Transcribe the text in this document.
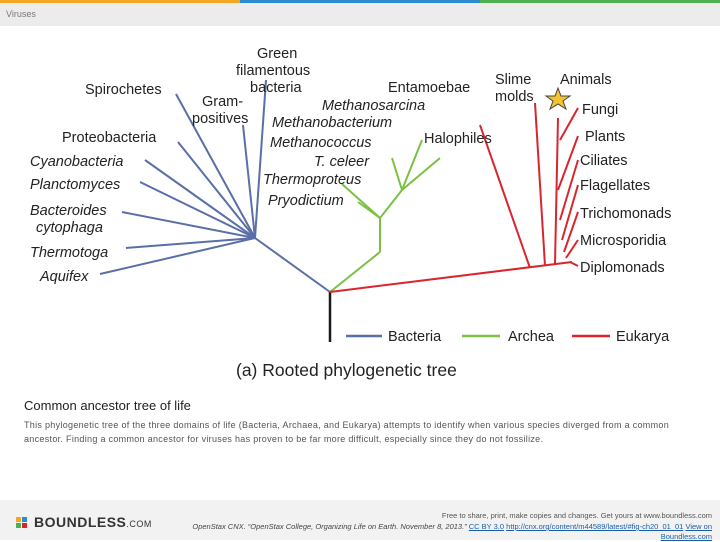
Viruses
Spirochetes
Green
filamentous
bacteria
Gram-
positives
Proteobacteria
Cyanobacteria
Planctomyces
Bacteroides
cytophaga
Thermotoga
Aquifex
Methanosarcina
Methanobacterium
Methanococcus	Halophiles
T. celeer
Thermoproteus
Pryodictium
Entamoebae Slime
molds
Animals
Fungi
Plants
Ciliates
Flagellates
Trichomonads
Microsporidia
Diplomonads
Bacteria	Archea	Eukarya
(a) Rooted phylogenetic tree
Common ancestor tree of life
This phylogenetic tree of the three domains of life (Bacteria, Archaea, and Eukarya) attempts to identify when various species diverged from a common ancestor. Finding a common ancestor for viruses has proven to be far more difficult, especially since they do not fossilize.
BOUNDLESS.COM
Free to share, print, make copies and changes. Get yours at www.boundless.com
OpenStax CNX. “OpenStax College, Organizing Life on Earth. November 8, 2013.” CC BY 3.0 http://cnx.org/content/m44589/latest/#fig-ch20_01_01 View on Boundless.com
